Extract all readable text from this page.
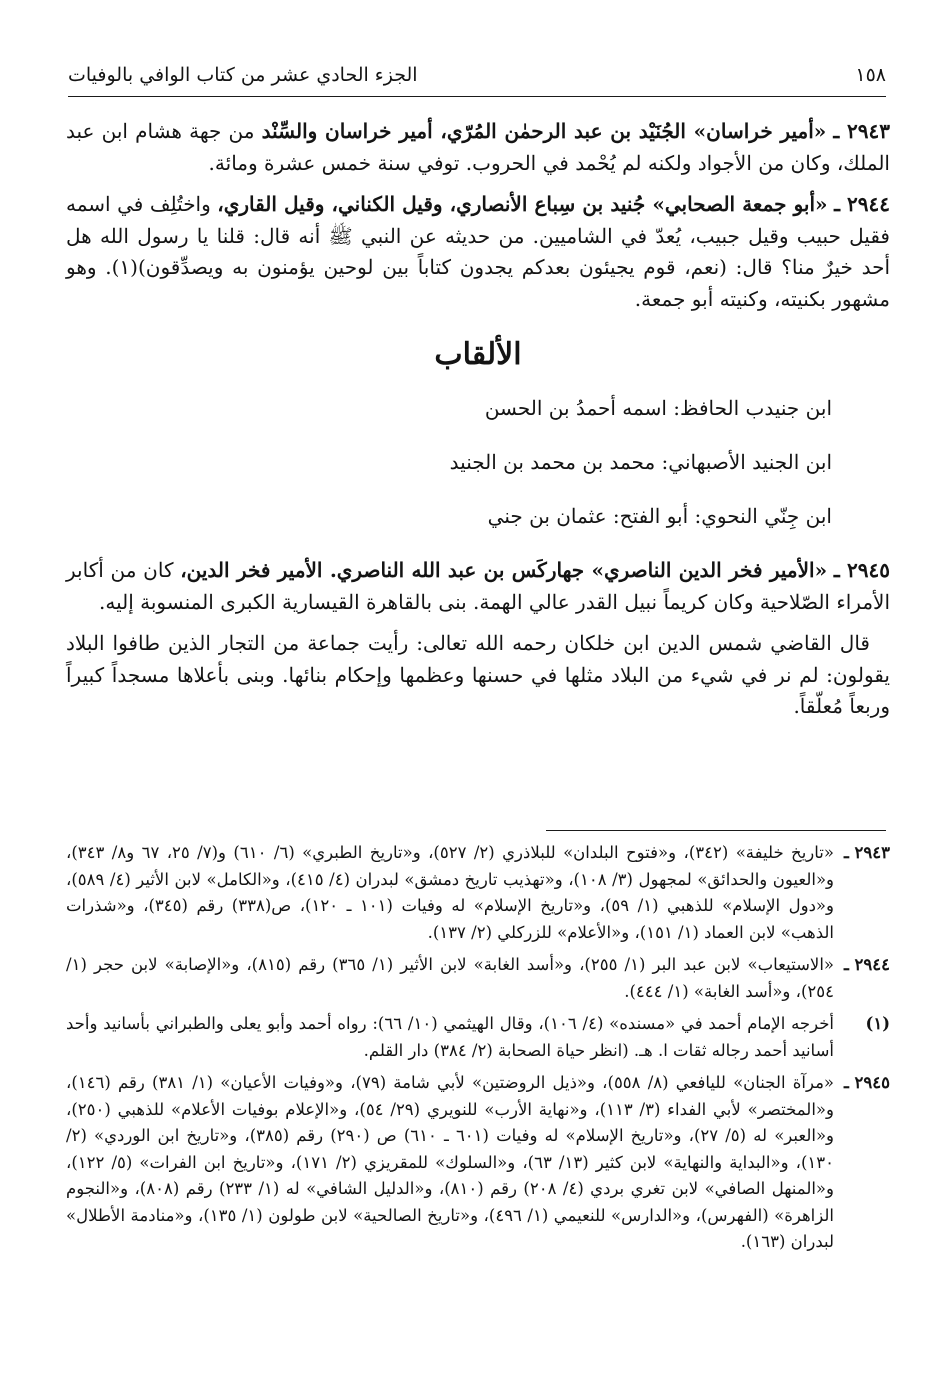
١٥٨
الجزء الحادي عشر من كتاب الوافي بالوفيات

٢٩٤٣ ـ «أمير خراسان» الجُنَيْد بن عبد الرحمٰن المُرّي، أمير خراسان والسِّنْد من جهة هشام ابن عبد الملك، وكان من الأجواد ولكنه لم يُحْمد في الحروب. توفي سنة خمس عشرة ومائة.

٢٩٤٤ ـ «أبو جمعة الصحابي» جُنيد بن سِباع الأنصاري، وقيل الكناني، وقيل القاري، واختُلِف في اسمه فقيل حبيب وقيل جبيب، يُعدّ في الشاميين. من حديثه عن النبي ﷺ أنه قال: قلنا يا رسول الله هل أحد خيرٌ منا؟ قال: (نعم، قوم يجيئون بعدكم يجدون كتاباً بين لوحين يؤمنون به ويصدِّقون)(١). وهو مشهور بكنيته، وكنيته أبو جمعة.

الألقاب

ابن جنيدب الحافظ: اسمه أحمدُ بن الحسن

ابن الجنيد الأصبهاني: محمد بن محمد بن الجنيد

ابن جِنّي النحوي: أبو الفتح: عثمان بن جني

٢٩٤٥ ـ «الأمير فخر الدين الناصري» جهاركَس بن عبد الله الناصري. الأمير فخر الدين، كان من أكابر الأمراء الصّلاحية وكان كريماً نبيل القدر عالي الهمة. بنى بالقاهرة القيسارية الكبرى المنسوبة إليه.

قال القاضي شمس الدين ابن خلكان رحمه الله تعالى: رأيت جماعة من التجار الذين طافوا البلاد يقولون: لم نر في شيء من البلاد مثلها في حسنها وعظمها وإحكام بنائها. وبنى بأعلاها مسجداً كبيراً وربعاً مُعلّقاً.

٢٩٤٣ ـ
«تاريخ خليفة» (٣٤٢)، و«فتوح البلدان» للبلاذري (٢/ ٥٢٧)، و«تاريخ الطبري» (٦/ ٦١٠) و(٧/ ٢٥، ٦٧ و٨/ ٣٤٣)، و«العيون والحدائق» لمجهول (٣/ ١٠٨)، و«تهذيب تاريخ دمشق» لبدران (٤/ ٤١٥)، و«الكامل» لابن الأثير (٤/ ٥٨٩)، و«دول الإسلام» للذهبي (١/ ٥٩)، و«تاريخ الإسلام» له وفيات (١٠١ ـ ١٢٠)، ص(٣٣٨) رقم (٣٤٥)، و«شذرات الذهب» لابن العماد (١/ ١٥١)، و«الأعلام» للزركلي (٢/ ١٣٧).
٢٩٤٤ ـ
«الاستيعاب» لابن عبد البر (١/ ٢٥٥)، و«أسد الغابة» لابن الأثير (١/ ٣٦٥) رقم (٨١٥)، و«الإصابة» لابن حجر (١/ ٢٥٤)، و«أسد الغابة» (١/ ٤٤٤).
(١)
أخرجه الإمام أحمد في «مسنده» (٤/ ١٠٦)، وقال الهيثمي (١٠/ ٦٦): رواه أحمد وأبو يعلى والطبراني بأسانيد وأحد أسانيد أحمد رجاله ثقات ا. هـ. (انظر حياة الصحابة (٢/ ٣٨٤) دار القلم.
٢٩٤٥ ـ
«مرآة الجنان» لليافعي (٨/ ٥٥٨)، و«ذيل الروضتين» لأبي شامة (٧٩)، و«وفيات الأعيان» (١/ ٣٨١) رقم (١٤٦)، و«المختصر» لأبي الفداء (٣/ ١١٣)، و«نهاية الأرب» للنويري (٢٩/ ٥٤)، و«الإعلام بوفيات الأعلام» للذهبي (٢٥٠)، و«العبر» له (٥/ ٢٧)، و«تاريخ الإسلام» له وفيات (٦٠١ ـ ٦١٠) ص (٢٩٠) رقم (٣٨٥)، و«تاريخ ابن الوردي» (٢/ ١٣٠)، و«البداية والنهاية» لابن كثير (١٣/ ٦٣)، و«السلوك» للمقريزي (٢/ ١٧١)، و«تاريخ ابن الفرات» (٥/ ١٢٢)، و«المنهل الصافي» لابن تغري بردي (٤/ ٢٠٨) رقم (٨١٠)، و«الدليل الشافي» له (١/ ٢٣٣) رقم (٨٠٨)، و«النجوم الزاهرة» (الفهرس)، و«الدارس» للنعيمي (١/ ٤٩٦)، و«تاريخ الصالحية» لابن طولون (١/ ١٣٥)، و«منادمة الأطلال» لبدران (١٦٣).
